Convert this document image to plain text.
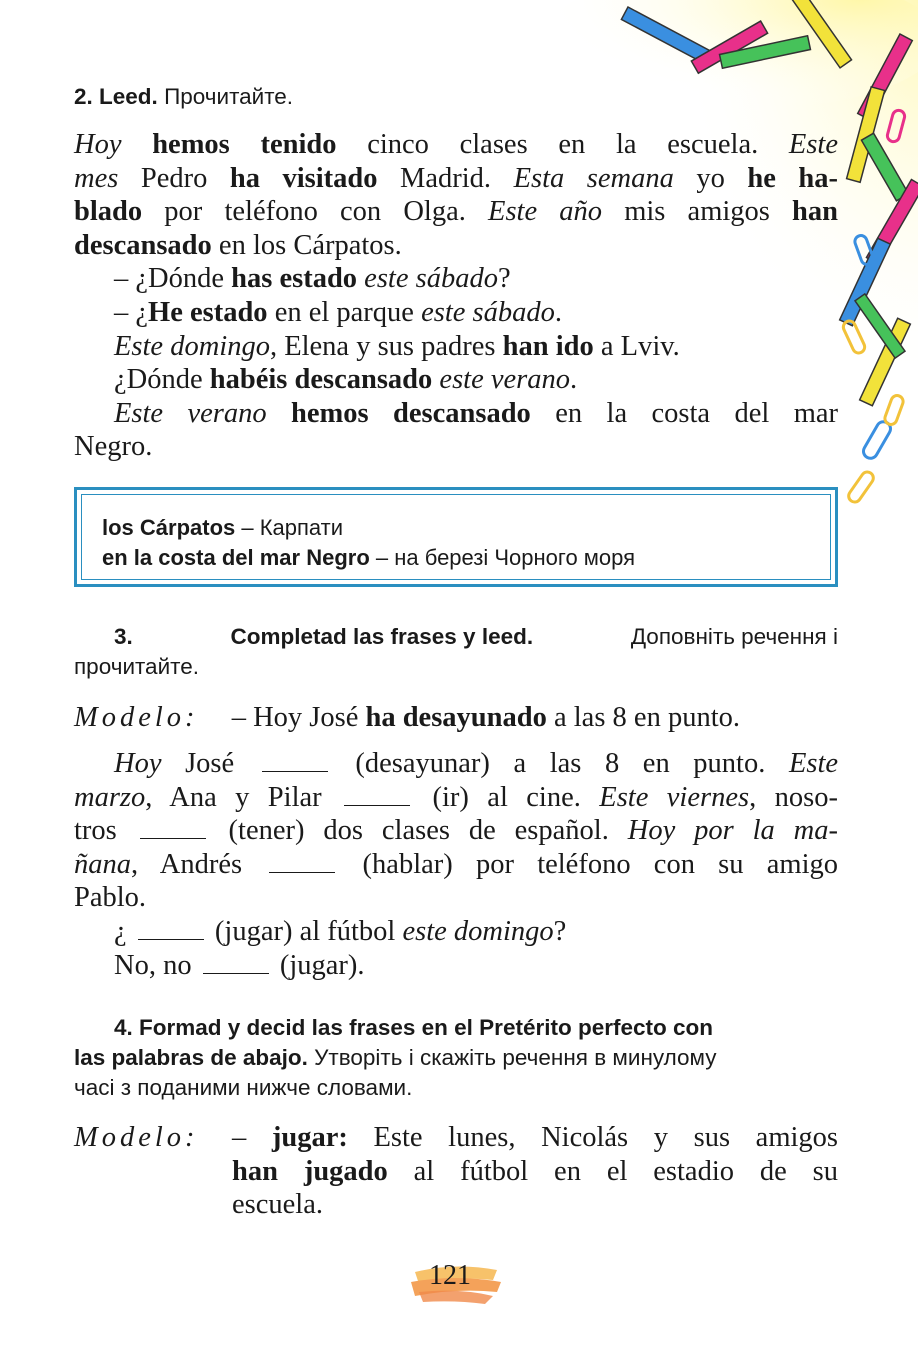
2. Leed. Прочитайте.
Hoy hemos tenido cinco clases en la escuela. Este
mes Pedro ha visitado Madrid. Esta semana yo he ha-
blado por teléfono con Olga. Este año mis amigos han
descansado en los Cárpatos.
– ¿Dónde has estado este sábado?
– ¿He estado en el parque este sábado.
Este domingo, Elena y sus padres han ido a Lviv.
¿Dónde habéis descansado este verano.
Este verano hemos descansado en la costa del mar
Negro.
los Cárpatos – Карпати
en la costa del mar Negro – на березі Чорного моря
3.	Completad las frases y leed.	Доповніть речення і
прочитайте.
Modelo: – Hoy José ha desayunado a las 8 en punto.
Hoy José	(desayunar) a las 8 en punto. Este
marzo, Ana y Pilar	(ir) al cine. Este viernes, noso-
tros	(tener) dos clases de español. Hoy por la ma-
ñana, Andrés	(hablar) por teléfono con su amigo
Pablo.
¿	(jugar) al fútbol este domingo?
No, no	(jugar).
4. Formad y decid las frases en el Pretérito perfecto con
las palabras de abajo. Утворіть і скажіть речення в минулому
часі з поданими нижче словами.
Modelo: – jugar: Este lunes, Nicolás y sus amigos
han jugado al fútbol en el estadio de su
escuela.
121
